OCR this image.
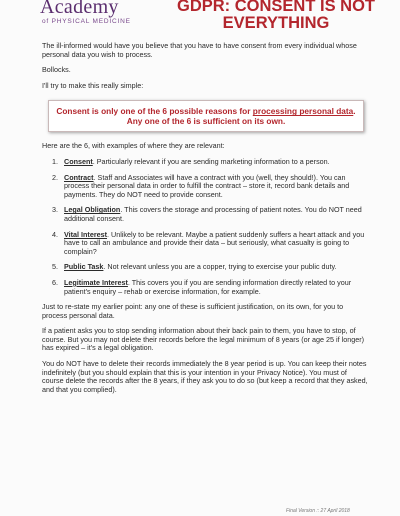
Academy
of PHYSICAL MEDICINE
GDPR: CONSENT IS NOT EVERYTHING

The ill-informed would have you believe that you have to have consent from every individual whose personal data you wish to process.

Bollocks.

I'll try to make this really simple:

Consent is only one of the 6 possible reasons for processing personal data. Any one of the 6 is sufficient on its own.

Here are the 6, with examples of where they are relevant:

1. Consent. Particularly relevant if you are sending marketing information to a person.
2. Contract. Staff and Associates will have a contract with you (well, they should!). You can process their personal data in order to fulfill the contract – store it, record bank details and payments. They do NOT need to provide consent.
3. Legal Obligation. This covers the storage and processing of patient notes. You do NOT need additional consent.
4. Vital Interest. Unlikely to be relevant. Maybe a patient suddenly suffers a heart attack and you have to call an ambulance and provide their data – but seriously, what casualty is going to complain?
5. Public Task. Not relevant unless you are a copper, trying to exercise your public duty.
6. Legitimate Interest. This covers you if you are sending information directly related to your patient's enquiry – rehab or exercise information, for example.

Just to re-state my earlier point: any one of these is sufficient justification, on its own, for you to process personal data.

If a patient asks you to stop sending information about their back pain to them, you have to stop, of course. But you may not delete their records before the legal minimum of 8 years (or age 25 if longer) has expired – it's a legal obligation.

You do NOT have to delete their records immediately the 8 year period is up. You can keep their notes indefinitely (but you should explain that this is your intention in your Privacy Notice). You must of course delete the records after the 8 years, if they ask you to do so (but keep a record that they asked, and that you complied).

Final Version :: 27 April 2018
